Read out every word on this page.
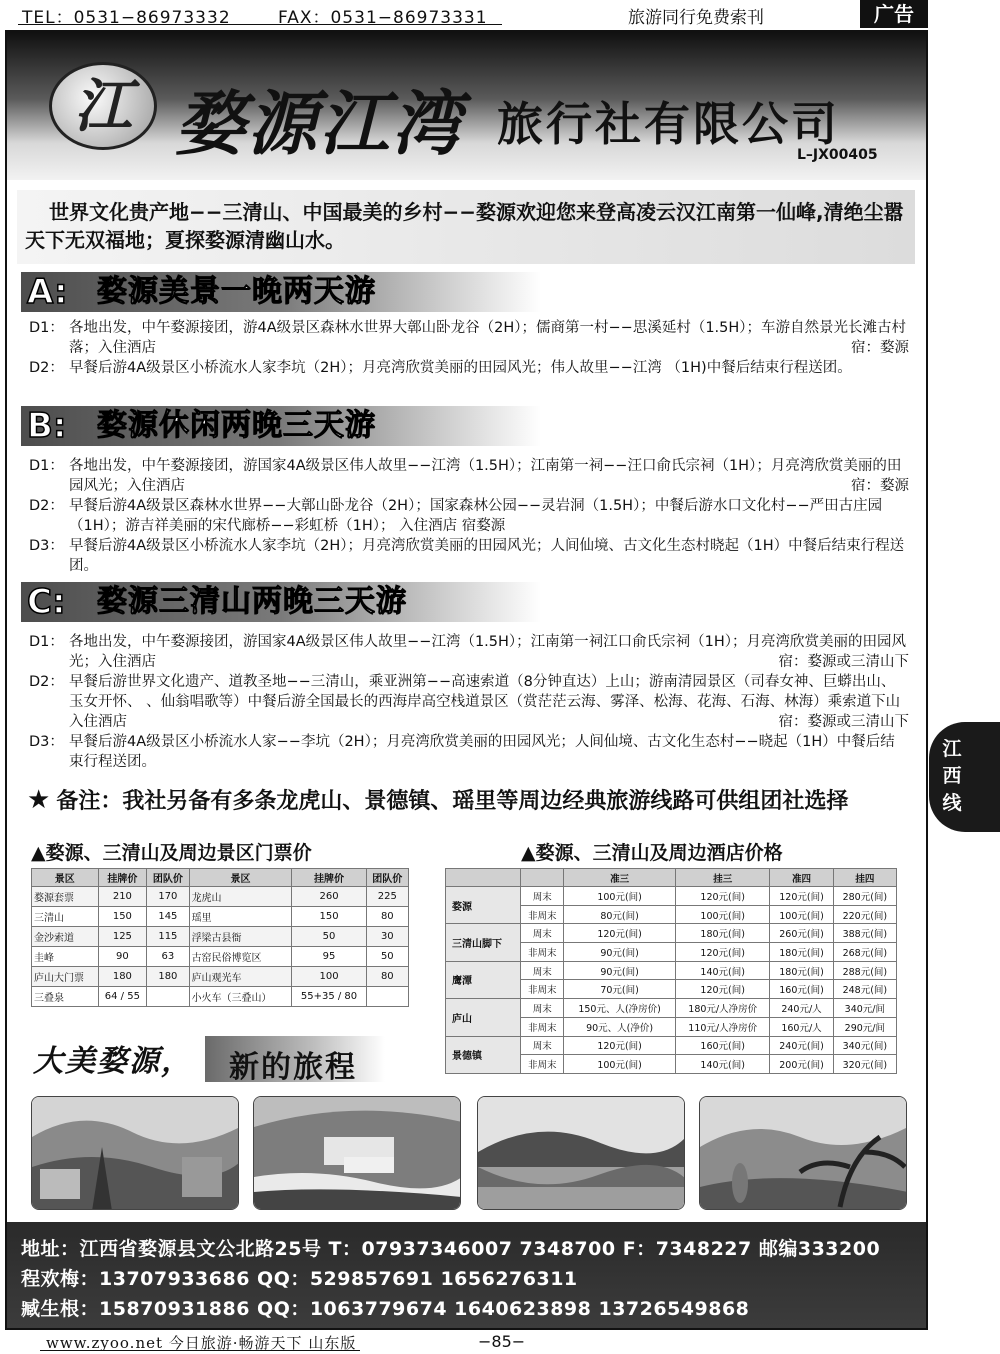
TEL：0531−86973332	FAX：0531−86973331	旅游同行免费索刊	广告
江 婺源江湾 旅行社有限公司
L–JX00405

世界文化贵产地−−三清山、中国最美的乡村−−婺源欢迎您来登高凌云汉江南第一仙峰,清绝尘嚣天下无双福地；夏探婺源清幽山水。

A: 婺源美景一晚两天游
D1： 各地出发，中午婺源接团，游4A级景区森林水世界大鄣山卧龙谷（2H）；儒商第一村−−思溪延村（1.5H）；车游自然景光长滩古村落；入住酒店	宿：婺源
D2： 早餐后游4A级景区小桥流水人家李坑（2H）；月亮湾欣赏美丽的田园风光；伟人故里−−江湾 （1H)中餐后结束行程送团。
B: 婺源休闲两晚三天游
D1： 各地出发，中午婺源接团，游国家4A级景区伟人故里−−江湾（1.5H）；江南第一祠−−汪口俞氏宗祠（1H）；月亮湾欣赏美丽的田园风光；入住酒店	宿：婺源
D2： 早餐后游4A级景区森林水世界−−大鄣山卧龙谷（2H）；国家森林公园−−灵岩洞（1.5H）；中餐后游水口文化村−−严田古庄园（1H）；游吉祥美丽的宋代廊桥−−彩虹桥（1H）； 入住酒店 宿婺源
D3： 早餐后游4A级景区小桥流水人家李坑（2H）；月亮湾欣赏美丽的田园风光；人间仙境、古文化生态村晓起（1H）中餐后结束行程送团。
C: 婺源三清山两晚三天游
D1： 各地出发，中午婺源接团，游国家4A级景区伟人故里−−江湾（1.5H）；江南第一祠江口俞氏宗祠（1H）；月亮湾欣赏美丽的田园风光；入住酒店	宿：婺源或三清山下
D2： 早餐后游世界文化遗产、道教圣地−−三清山，乘亚洲第−−高速索道（8分钟直达）上山；游南清园景区（司春女神、巨蟒出山、玉女开怀、 、仙翁唱歌等）中餐后游全国最长的西海岸高空栈道景区（赏茫茫云海、雾泽、松海、花海、石海、林海）乘索道下山入住酒店	宿：婺源或三清山下
D3： 早餐后游4A级景区小桥流水人家−−李坑（2H）；月亮湾欣赏美丽的田园风光；人间仙境、古文化生态村−−晓起（1H）中餐后结束行程送团。
★ 备注：我社另备有多条龙虎山、景德镇、瑶里等周边经典旅游线路可供组团社选择
▲婺源、三清山及周边景区门票价
景区	挂牌价	团队价	景区	挂牌价	团队价
婺源套票	210	170	龙虎山	260	225
三清山	150	145	瑶里	150	80
金沙索道	125	115	浮梁古县衙	50	30
圭峰	90	63	古窑民俗博览区	95	50
庐山大门票	180	180	庐山观光车	100	80
三叠泉	64 / 55		小火车（三叠山）	55+35 / 80	
▲婺源、三清山及周边酒店价格
		准三	挂三	准四	挂四
婺源	周末	100元(间)	120元(间)	120元(间)	280元(间)
	非周末	80元(间)	100元(间)	100元(间)	220元(间)
三清山脚下	周末	120元(间)	180元(间)	260元(间)	388元(间)
	非周末	90元(间)	120元(间)	180元(间)	268元(间)
鹰潭	周末	90元(间)	140元(间)	180元(间)	288元(间)
	非周末	70元(间)	120元(间)	160元(间)	248元(间)
庐山	周末	150元、人(净房价)	180元/人净房价	240元/人	340元/间
	非周末	90元、人(净价)	110元/人净房价	160元/人	290元/间
景德镇	周末	120元(间)	160元(间)	240元(间)	340元(间)
	非周末	100元(间)	140元(间)	200元(间)	320元(间)
大美婺源， 新的旅程
地址：江西省婺源县文公北路25号 T：07937346007 7348700 F：7348227 邮编333200
程欢梅：13707933686 QQ：529857691 1656276311
臧生根：15870931886 QQ：1063779674 1640623898 13726549868
江西线
www.zyoo.net 今日旅游·畅游天下 山东版	−85−
